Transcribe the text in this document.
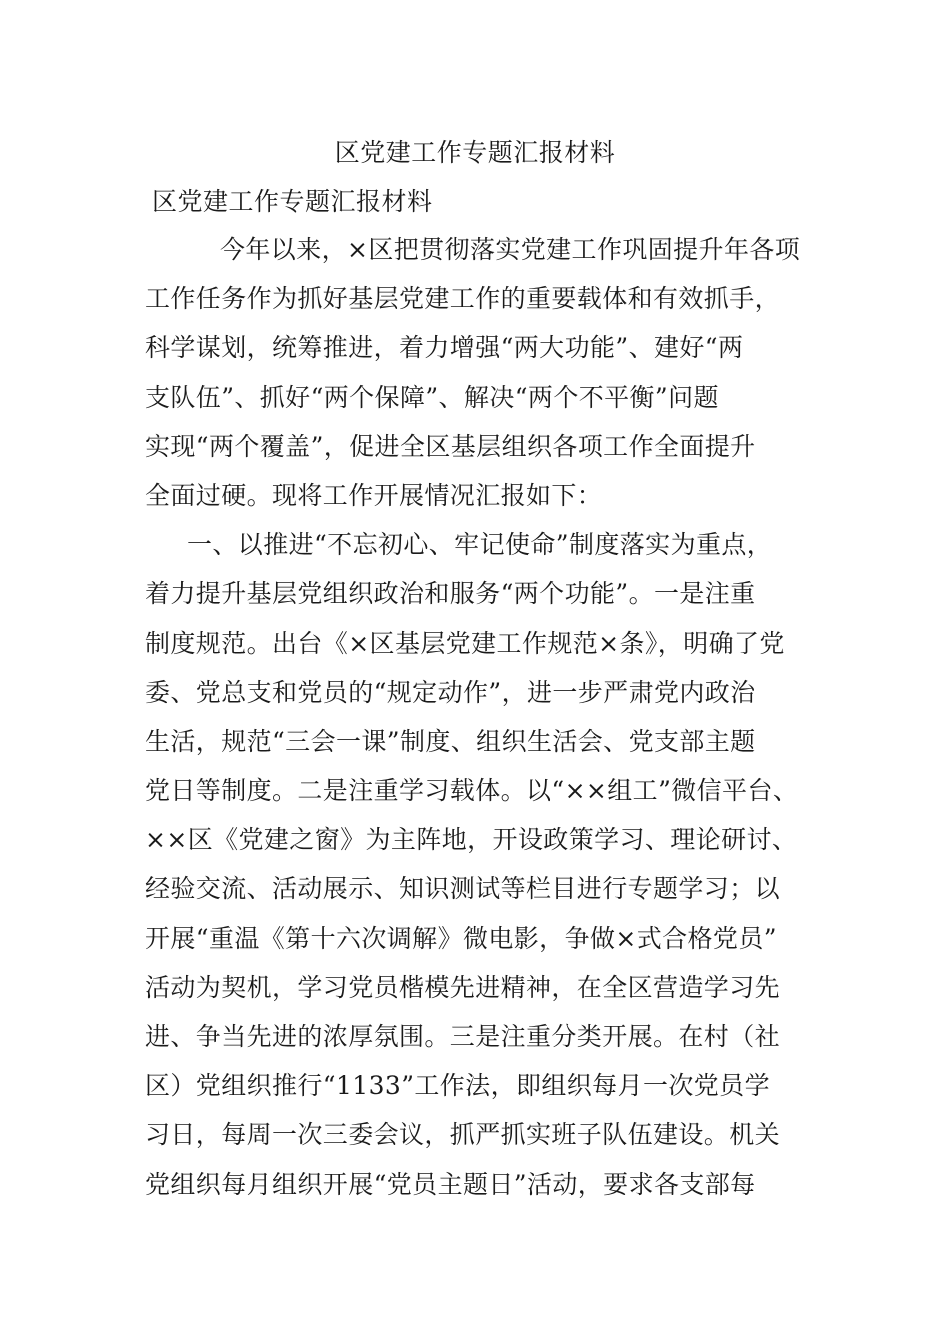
区党建工作专题汇报材料
区党建工作专题汇报材料

今年以来，×区把贯彻落实党建工作巩固提升年各项

工作任务作为抓好基层党建工作的重要载体和有效抓手，

科学谋划，统筹推进，着力增强“两大功能”、建好“两

支队伍”、抓好“两个保障”、解决“两个不平衡”问题

实现“两个覆盖”，促进全区基层组织各项工作全面提升

全面过硬。现将工作开展情况汇报如下：

一、以推进“不忘初心、牢记使命”制度落实为重点，

着力提升基层党组织政治和服务“两个功能”。一是注重

制度规范。出台《×区基层党建工作规范×条》，明确了党

委、党总支和党员的“规定动作”，进一步严肃党内政治

生活，规范“三会一课”制度、组织生活会、党支部主题

党日等制度。二是注重学习载体。以“××组工”微信平台、

××区《党建之窗》为主阵地，开设政策学习、理论研讨、

经验交流、活动展示、知识测试等栏目进行专题学习；以

开展“重温《第十六次调解》微电影，争做×式合格党员”

活动为契机，学习党员楷模先进精神，在全区营造学习先

进、争当先进的浓厚氛围。三是注重分类开展。在村（社

区）党组织推行“1133”工作法，即组织每月一次党员学

习日，每周一次三委会议，抓严抓实班子队伍建设。机关

党组织每月组织开展“党员主题日”活动，要求各支部每
